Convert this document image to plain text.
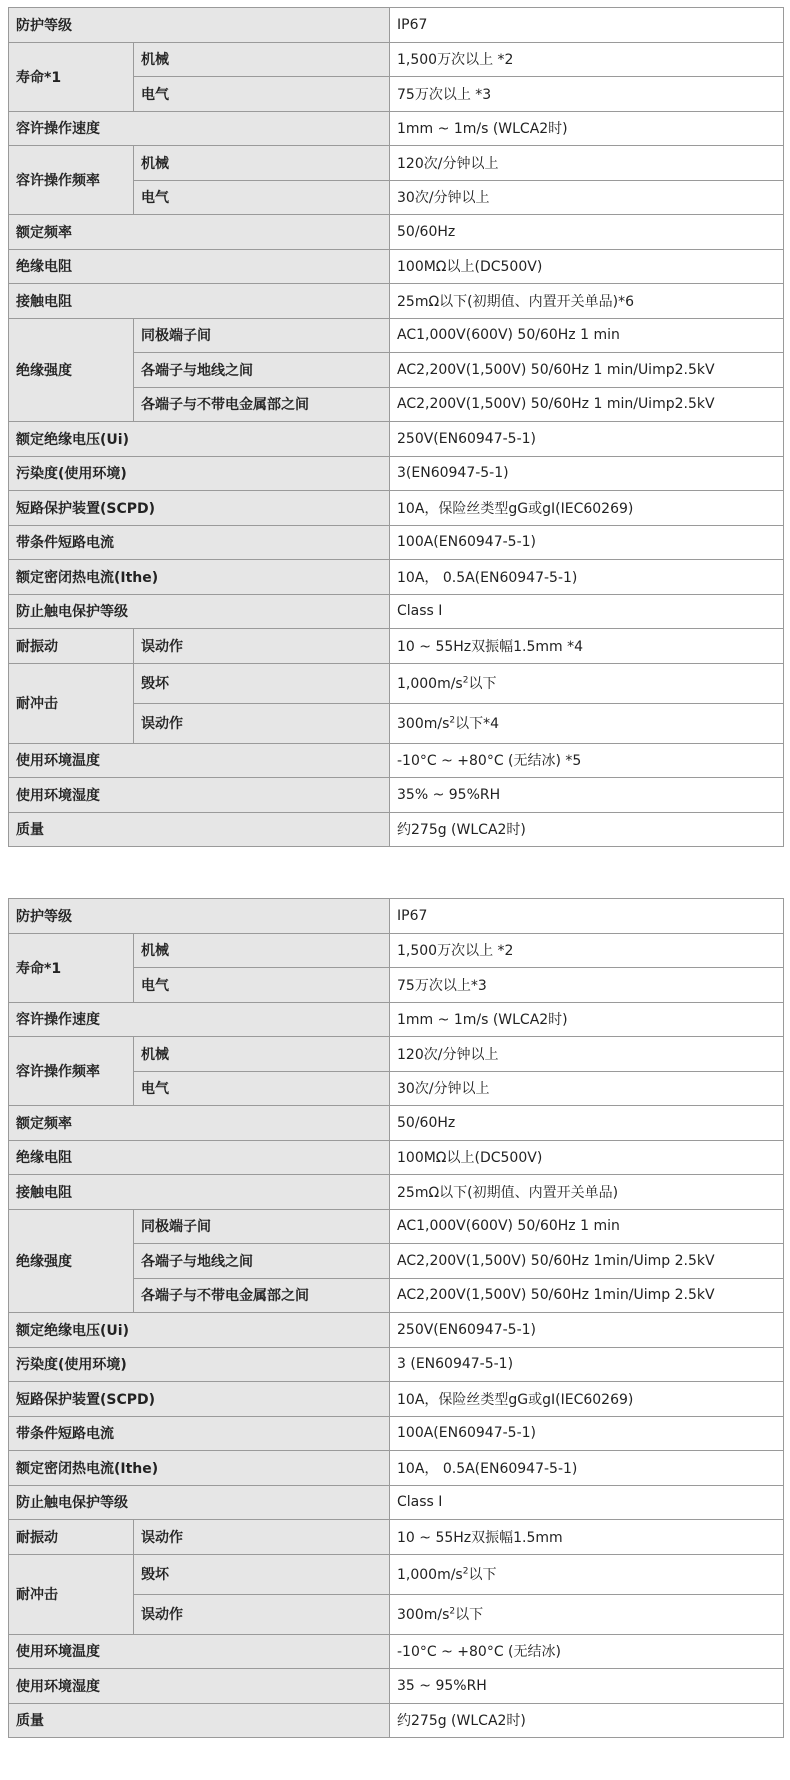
防护等级		IP67
寿命*1	机械	1,500万次以上 *2
	电气	75万次以上 *3
容许操作速度		1mm ~ 1m/s (WLCA2时)
容许操作频率	机械	120次/分钟以上
	电气	30次/分钟以上
额定频率		50/60Hz
绝缘电阻		100MΩ以上(DC500V)
接触电阻		25mΩ以下(初期值、内置开关单品)*6
绝缘强度	同极端子间	AC1,000V(600V) 50/60Hz 1 min
	各端子与地线之间	AC2,200V(1,500V) 50/60Hz 1 min/Uimp2.5kV
	各端子与不带电金属部之间	AC2,200V(1,500V) 50/60Hz 1 min/Uimp2.5kV
额定绝缘电压(Ui)		250V(EN60947-5-1)
污染度(使用环境)		3(EN60947-5-1)
短路保护装置(SCPD)		10A，保险丝类型gG或gI(IEC60269)
带条件短路电流		100A(EN60947-5-1)
额定密闭热电流(Ithe)		10A， 0.5A(EN60947-5-1)
防止触电保护等级		Class I
耐振动	误动作	10 ~ 55Hz双振幅1.5mm *4
耐冲击	毁坏	$1,000m/s^2$以下
	误动作	$300m/s^2$以下*4
使用环境温度		-10°C ~ +80°C (无结冰) *5
使用环境湿度		35% ~ 95%RH
质量		约275g (WLCA2时)
防护等级		IP67
寿命*1	机械	1,500万次以上 *2
	电气	75万次以上*3
容许操作速度		1mm ~ 1m/s (WLCA2时)
容许操作频率	机械	120次/分钟以上
	电气	30次/分钟以上
额定频率		50/60Hz
绝缘电阻		100MΩ以上(DC500V)
接触电阻		25mΩ以下(初期值、内置开关单品)
绝缘强度	同极端子间	AC1,000V(600V) 50/60Hz 1 min
	各端子与地线之间	AC2,200V(1,500V) 50/60Hz 1min/Uimp 2.5kV
	各端子与不带电金属部之间	AC2,200V(1,500V) 50/60Hz 1min/Uimp 2.5kV
额定绝缘电压(Ui)		250V(EN60947-5-1)
污染度(使用环境)		3 (EN60947-5-1)
短路保护装置(SCPD)		10A，保险丝类型gG或gI(IEC60269)
带条件短路电流		100A(EN60947-5-1)
额定密闭热电流(Ithe)		10A， 0.5A(EN60947-5-1)
防止触电保护等级		Class I
耐振动	误动作	10 ~ 55Hz双振幅1.5mm
耐冲击	毁坏	$1,000m/s^2$以下
	误动作	$300m/s^2$以下
使用环境温度		-10°C ~ +80°C (无结冰)
使用环境湿度		35 ~ 95%RH
质量		约275g (WLCA2时)
